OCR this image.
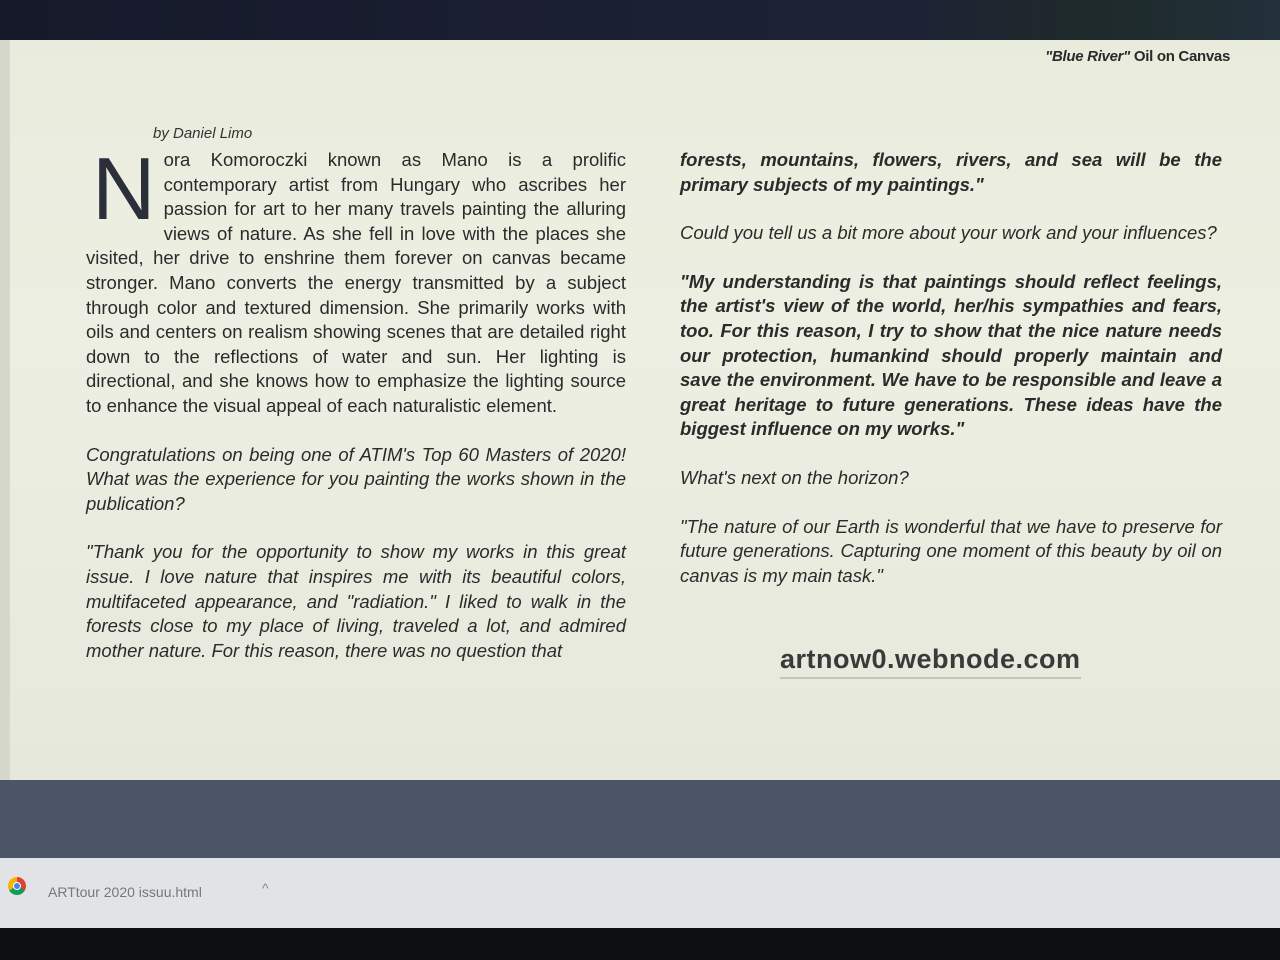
"Blue River" Oil on Canvas
by Daniel Limo

Nora Komoroczki known as Mano is a prolific contemporary artist from Hungary who ascribes her passion for art to her many travels painting the alluring views of nature. As she fell in love with the places she visited, her drive to enshrine them forever on canvas became stronger. Mano converts the energy transmitted by a subject through color and textured dimension. She primarily works with oils and centers on realism showing scenes that are detailed right down to the reflections of water and sun. Her lighting is directional, and she knows how to emphasize the lighting source to enhance the visual appeal of each naturalistic element.

Congratulations on being one of ATIM's Top 60 Masters of 2020! What was the experience for you painting the works shown in the publication?

"Thank you for the opportunity to show my works in this great issue. I love nature that inspires me with its beautiful colors, multifaceted appearance, and "radiation." I liked to walk in the forests close to my place of living, traveled a lot, and admired mother nature. For this reason, there was no question that

forests, mountains, flowers, rivers, and sea will be the primary subjects of my paintings."

Could you tell us a bit more about your work and your influences?

"My understanding is that paintings should reflect feelings, the artist's view of the world, her/his sympathies and fears, too. For this reason, I try to show that the nice nature needs our protection, humankind should properly maintain and save the environment. We have to be responsible and leave a great heritage to future generations. These ideas have the biggest influence on my works."

What's next on the horizon?

"The nature of our Earth is wonderful that we have to preserve for future generations. Capturing one moment of this beauty by oil on canvas is my main task."

artnow0.webnode.com
ARTtour 2020 issuu.html	^
